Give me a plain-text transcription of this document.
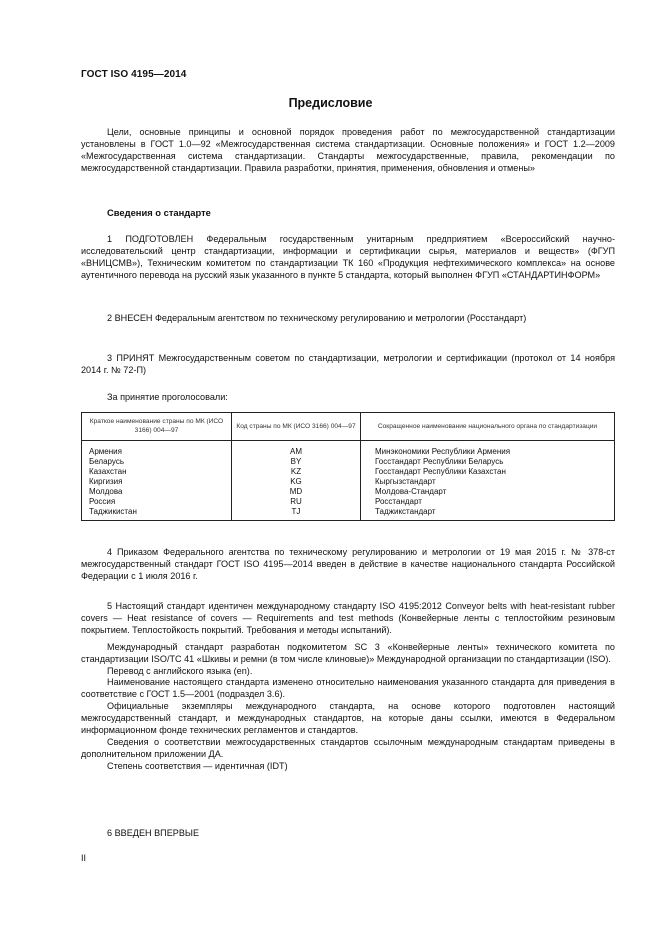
ГОСТ ISO 4195—2014
Предисловие

Цели, основные принципы и основной порядок проведения работ по межгосударственной стандартизации установлены в ГОСТ 1.0—92 «Межгосударственная система стандартизации. Основные положения» и ГОСТ 1.2—2009 «Межгосударственная система стандартизации. Стандарты межгосударственные, правила, рекомендации по межгосударственной стандартизации. Правила разработки, принятия, применения, обновления и отмены»

Сведения о стандарте

1 ПОДГОТОВЛЕН Федеральным государственным унитарным предприятием «Всероссийский научно-исследовательский центр стандартизации, информации и сертификации сырья, материалов и веществ» (ФГУП «ВНИЦСМВ»), Техническим комитетом по стандартизации ТК 160 «Продукция нефтехимического комплекса» на основе аутентичного перевода на русский язык указанного в пункте 5 стандарта, который выполнен ФГУП «СТАНДАРТИНФОРМ»

2 ВНЕСЕН Федеральным агентством по техническому регулированию и метрологии (Росстандарт)

3 ПРИНЯТ Межгосударственным советом по стандартизации, метрологии и сертификации (протокол от 14 ноября 2014 г. № 72-П)

За принятие проголосовали:
Краткое наименование страны по МК (ИСО 3166) 004—97	Код страны по МК (ИСО 3166) 004—97	Сокращенное наименование национального органа по стандартизации
Армения	AM	Минэкономики Республики Армения
Беларусь	BY	Госстандарт Республики Беларусь
Казахстан	KZ	Госстандарт Республики Казахстан
Киргизия	KG	Кыргызстандарт
Молдова	MD	Молдова-Стандарт
Россия	RU	Росстандарт
Таджикистан	TJ	Таджикстандарт

4 Приказом Федерального агентства по техническому регулированию и метрологии от 19 мая 2015 г. № 378-ст межгосударственный стандарт ГОСТ ISO 4195—2014 введен в действие в качестве национального стандарта Российской Федерации с 1 июля 2016 г.

5 Настоящий стандарт идентичен международному стандарту ISO 4195:2012 Conveyor belts with heat-resistant rubber covers — Heat resistance of covers — Requirements and test methods (Конвейерные ленты с теплостойким резиновым покрытием. Теплостойкость покрытий. Требования и методы испытаний).

Международный стандарт разработан подкомитетом SC 3 «Конвейерные ленты» технического комитета по стандартизации ISO/TC 41 «Шкивы и ремни (в том числе клиновые)» Международной организации по стандартизации (ISO).

Перевод с английского языка (en).

Наименование настоящего стандарта изменено относительно наименования указанного стандарта для приведения в соответствие с ГОСТ 1.5—2001 (подраздел 3.6).

Официальные экземпляры международного стандарта, на основе которого подготовлен настоящий межгосударственный стандарт, и международных стандартов, на которые даны ссылки, имеются в Федеральном информационном фонде технических регламентов и стандартов.

Сведения о соответствии межгосударственных стандартов ссылочным международным стандартам приведены в дополнительном приложении ДА.

Степень соответствия — идентичная (IDT)

6 ВВЕДЕН ВПЕРВЫЕ
II
